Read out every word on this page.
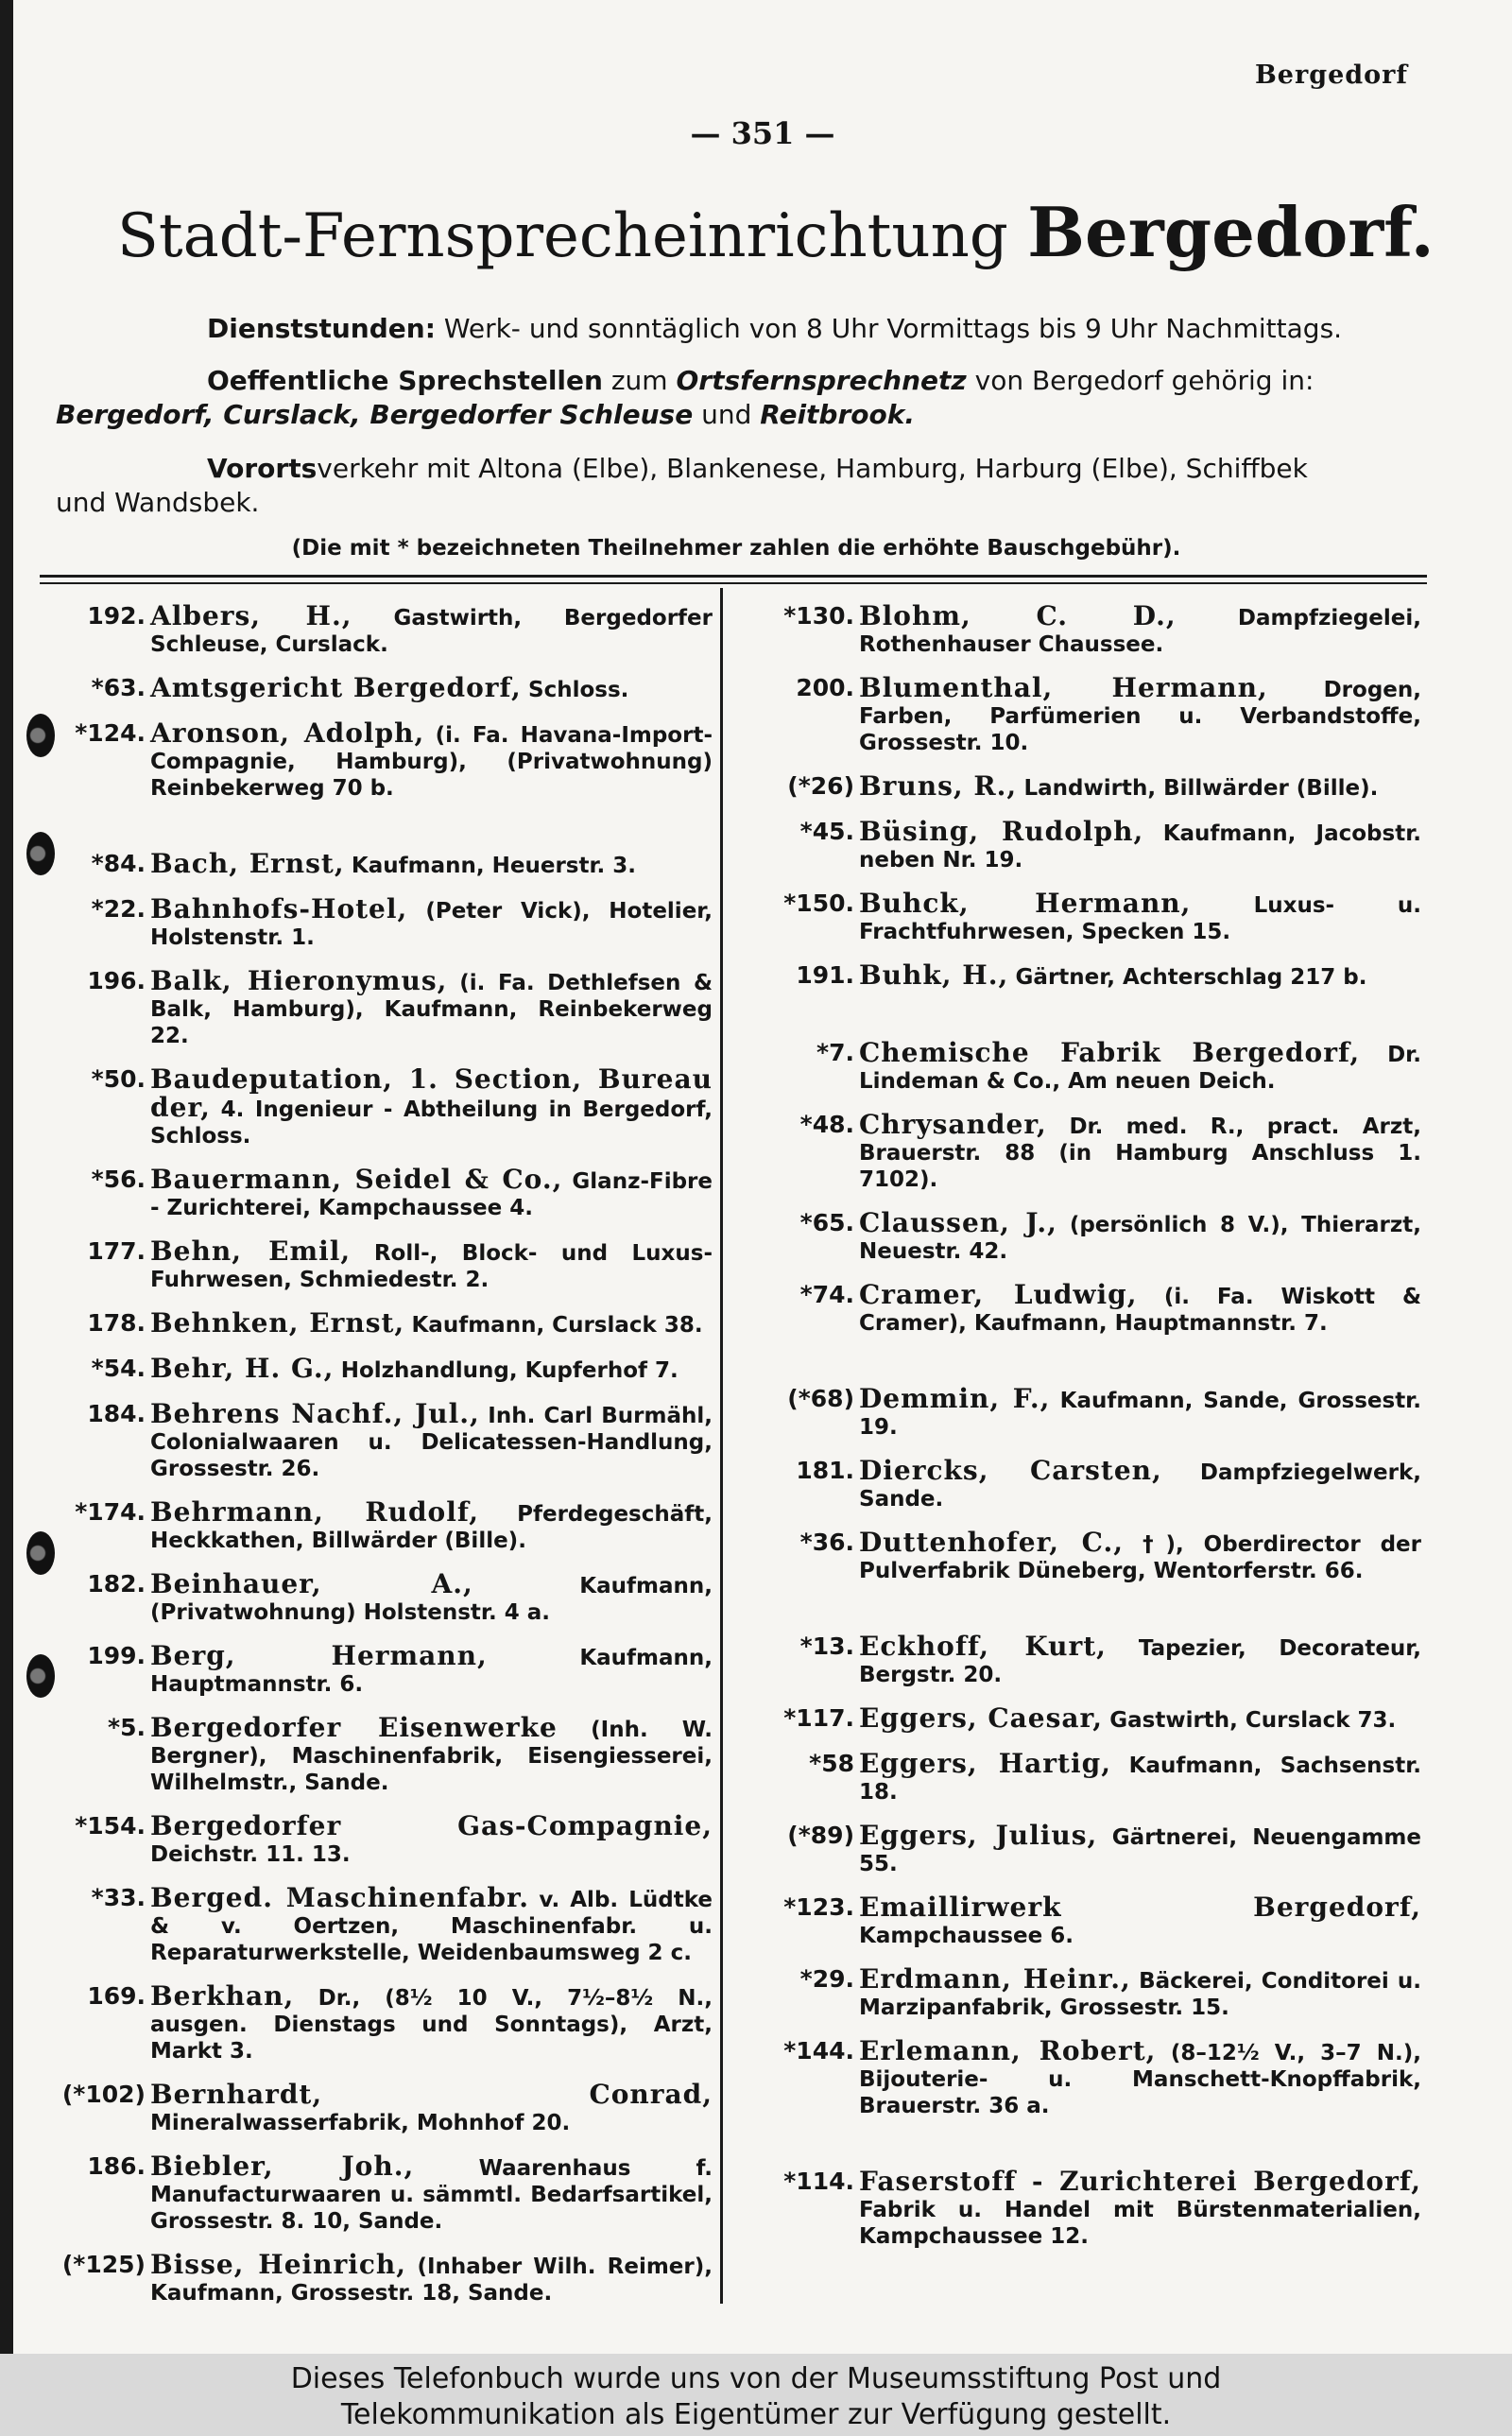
Bergedorf
— 351 —
Stadt-Fernsprecheinrichtung Bergedorf.
Dienststunden: Werk- und sonntäglich von 8 Uhr Vormittags bis 9 Uhr Nachmittags.
Oeffentliche Sprechstellen zum Ortsfernsprechnetz von Bergedorf gehörig in:
Bergedorf, Curslack, Bergedorfer Schleuse und Reitbrook.
Vorortsverkehr mit Altona (Elbe), Blankenese, Hamburg, Harburg (Elbe), Schiffbek
und Wandsbek.
(Die mit * bezeichneten Theilnehmer zahlen die erhöhte Bauschgebühr).
192. Albers, H., Gastwirth, Bergedorfer Schleuse, Curslack.
*63. Amtsgericht Bergedorf, Schloss.
*124. Aronson, Adolph, (i. Fa. Havana-Import-Compagnie, Hamburg), (Privatwohnung) Reinbekerweg 70 b.
*84. Bach, Ernst, Kaufmann, Heuerstr. 3.
*22. Bahnhofs-Hotel, (Peter Vick), Hotelier, Holstenstr. 1.
196. Balk, Hieronymus, (i. Fa. Dethlefsen & Balk, Hamburg), Kaufmann, Reinbekerweg 22.
*50. Baudeputation, 1. Section, Bureau der, 4. Ingenieur - Abtheilung in Bergedorf, Schloss.
*56. Bauermann, Seidel & Co., Glanz-Fibre - Zurichterei, Kampchaussee 4.
177. Behn, Emil, Roll-, Block- und Luxus-Fuhrwesen, Schmiedestr. 2.
178. Behnken, Ernst, Kaufmann, Curslack 38.
*54. Behr, H. G., Holzhandlung, Kupferhof 7.
184. Behrens Nachf., Jul., Inh. Carl Burmähl, Colonialwaaren u. Delicatessen-Handlung, Grossestr. 26.
*174. Behrmann, Rudolf, Pferdegeschäft, Heckkathen, Billwärder (Bille).
182. Beinhauer, A.,	Kaufmann, (Privatwohnung) Holstenstr. 4 a.
199. Berg, Hermann,	Kaufmann, Hauptmannstr. 6.
*5. Bergedorfer Eisenwerke (Inh. W. Bergner), Maschinenfabrik, Eisengiesserei, Wilhelmstr., Sande.
*154. Bergedorfer Gas-Compagnie, Deichstr. 11. 13.
*33. Berged. Maschinenfabr. v. Alb. Lüdtke & v. Oertzen, Maschinenfabr. u. Reparaturwerkstelle, Weidenbaumsweg 2 c.
169. Berkhan, Dr., (8½ 10 V., 7½–8½ N., ausgen. Dienstags und Sonntags), Arzt, Markt 3.
(*102) Bernhardt, Conrad, Mineralwasserfabrik, Mohnhof 20.
186. Biebler, Joh.,	Waarenhaus f. Manufacturwaaren u. sämmtl. Bedarfsartikel, Grossestr. 8. 10, Sande.
(*125) Bisse, Heinrich, (Inhaber Wilh. Reimer), Kaufmann, Grossestr. 18, Sande.
*130. Blohm, C. D.,	Dampfziegelei, Rothenhauser Chaussee.
200. Blumenthal, Hermann,	Drogen, Farben, Parfümerien u. Verbandstoffe, Grossestr. 10.
(*26) Bruns, R., Landwirth, Billwärder (Bille).
*45. Büsing, Rudolph, Kaufmann, Jacobstr. neben Nr. 19.
*150. Buhck, Hermann,	Luxus- u. Frachtfuhrwesen, Specken 15.
191. Buhk, H., Gärtner, Achterschlag 217 b.
*7. Chemische Fabrik Bergedorf, Dr. Lindeman & Co., Am neuen Deich.
*48. Chrysander, Dr. med. R., pract. Arzt, Brauerstr. 88 (in Hamburg Anschluss 1. 7102).
*65. Claussen, J., (persönlich 8 V.), Thierarzt, Neuestr. 42.
*74. Cramer, Ludwig, (i. Fa. Wiskott & Cramer), Kaufmann, Hauptmannstr. 7.
(*68) Demmin, F., Kaufmann, Sande, Grossestr. 19.
181. Diercks, Carsten, Dampfziegelwerk, Sande.
*36. Duttenhofer, C., †), Oberdirector der Pulverfabrik Düneberg, Wentorferstr. 66.
*13. Eckhoff, Kurt, Tapezier, Decorateur, Bergstr. 20.
*117. Eggers, Caesar, Gastwirth, Curslack 73.
*58 Eggers, Hartig, Kaufmann, Sachsenstr. 18.
(*89) Eggers, Julius, Gärtnerei, Neuengamme 55.
*123. Emaillirwerk Bergedorf, Kampchaussee 6.
*29. Erdmann, Heinr., Bäckerei, Conditorei u. Marzipanfabrik, Grossestr. 15.
*144. Erlemann, Robert, (8–12½ V., 3–7 N.), Bijouterie- u. Manschett-Knopffabrik, Brauerstr. 36 a.
*114. Faserstoff - Zurichterei Bergedorf, Fabrik u. Handel mit Bürstenmaterialien, Kampchaussee 12.
Dieses Telefonbuch wurde uns von der Museumsstiftung Post und
Telekommunikation als Eigentümer zur Verfügung gestellt.
